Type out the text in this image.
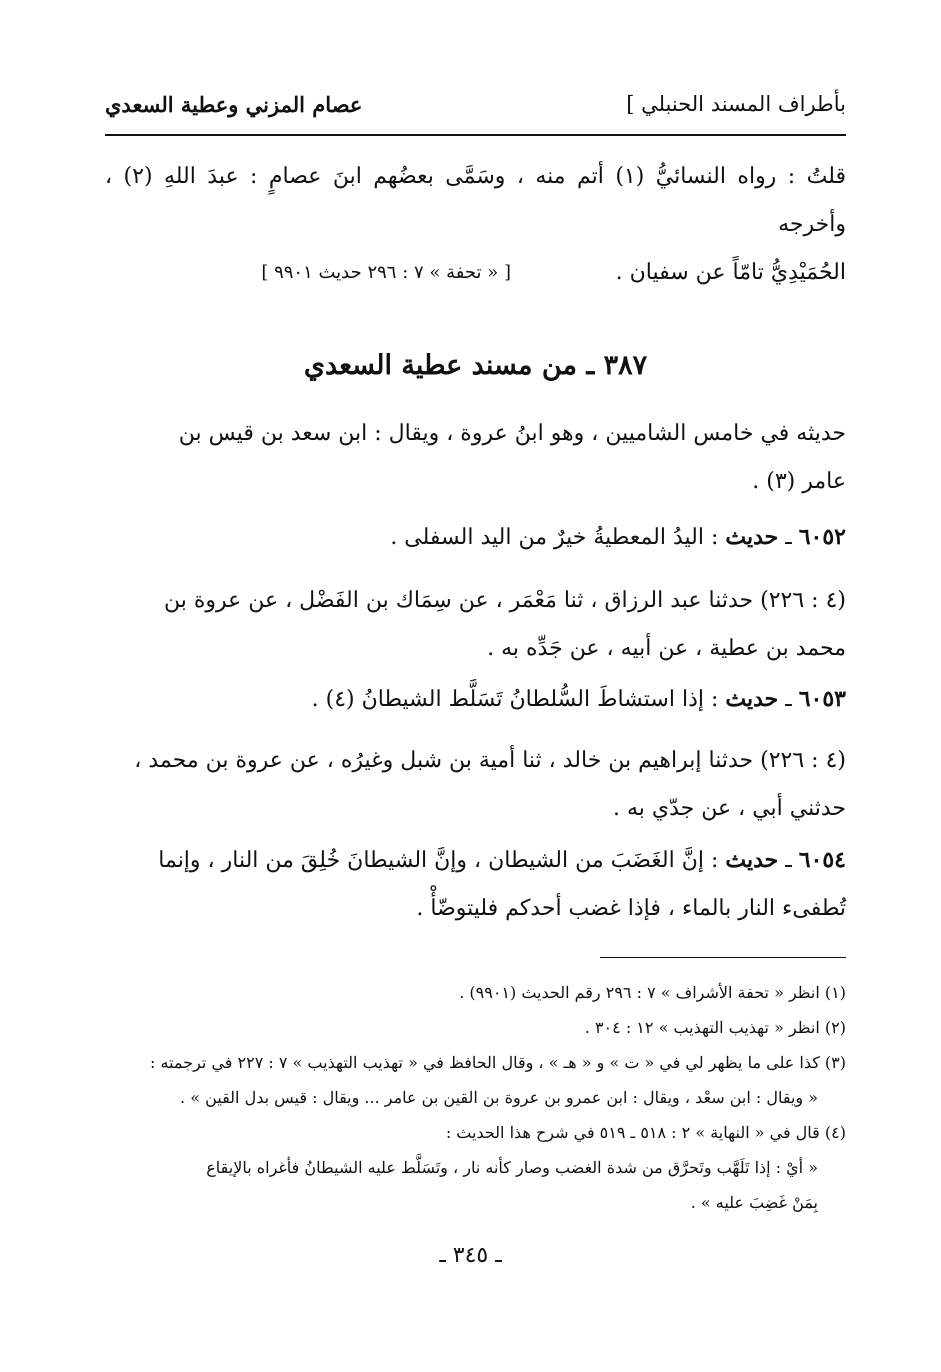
بأطراف المسند الحنبلي ]
عصام المزني وعطية السعدي
قلتُ : رواه النسائيُّ (١) أتم منه ، وسَمَّى بعضُهم ابنَ عصامٍ : عبدَ اللهِ (٢) ، وأخرجه
الحُمَيْدِيُّ تامّاً عن سفيان .
[ « تحفة » ٧ : ٢٩٦ حديث ٩٩٠١ ]
٣٨٧ ـ من مسند عطية السعدي
حديثه في خامس الشاميين ، وهو ابنُ عروة ، ويقال : ابن سعد بن قيس بن
عامر (٣) .
٦٠٥٢ ـ حديث : اليدُ المعطيةُ خيرٌ من اليد السفلى .
(٤ : ٢٢٦) حدثنا عبد الرزاق ، ثنا مَعْمَر ، عن سِمَاك بن الفَضْل ، عن عروة بن
محمد بن عطية ، عن أبيه ، عن جَدِّه به .
٦٠٥٣ ـ حديث : إذا استشاطَ السُّلطانُ تَسَلَّط الشيطانُ (٤) .
(٤ : ٢٢٦) حدثنا إبراهيم بن خالد ، ثنا أمية بن شبل وغيرُه ، عن عروة بن محمد ،
حدثني أبي ، عن جدّي به .
٦٠٥٤ ـ حديث : إنَّ الغَضَبَ من الشيطان ، وإنَّ الشيطانَ خُلِقَ من النار ، وإنما
تُطفىء النار بالماء ، فإذا غضب أحدكم فليتوضّأْ .
(١) انظر « تحفة الأشراف » ٧ : ٢٩٦ رقم الحديث (٩٩٠١) .
(٢) انظر « تهذيب التهذيب » ١٢ : ٣٠٤ .
(٣) كذا على ما يظهر لي في « ت » و « هـ » ، وقال الحافظ في « تهذيب التهذيب » ٧ : ٢٢٧ في ترجمته :
« ويقال : ابن سعْد ، ويقال : ابن عمرو بن عروة بن القين بن عامر ... ويقال : قيس بدل القين » .
(٤) قال في « النهاية » ٢ : ٥١٨ ـ ٥١٩ في شرح هذا الحديث :
« أيْ : إذا تَلَهَّب وتَحرَّق من شدة الغضب وصار كأنه نار ، وتَسَلَّط عليه الشيطانُ فأغراه بالإيقاع
بِمَنْ غَضِبَ عليه » .
ـ ٣٤٥ ـ
